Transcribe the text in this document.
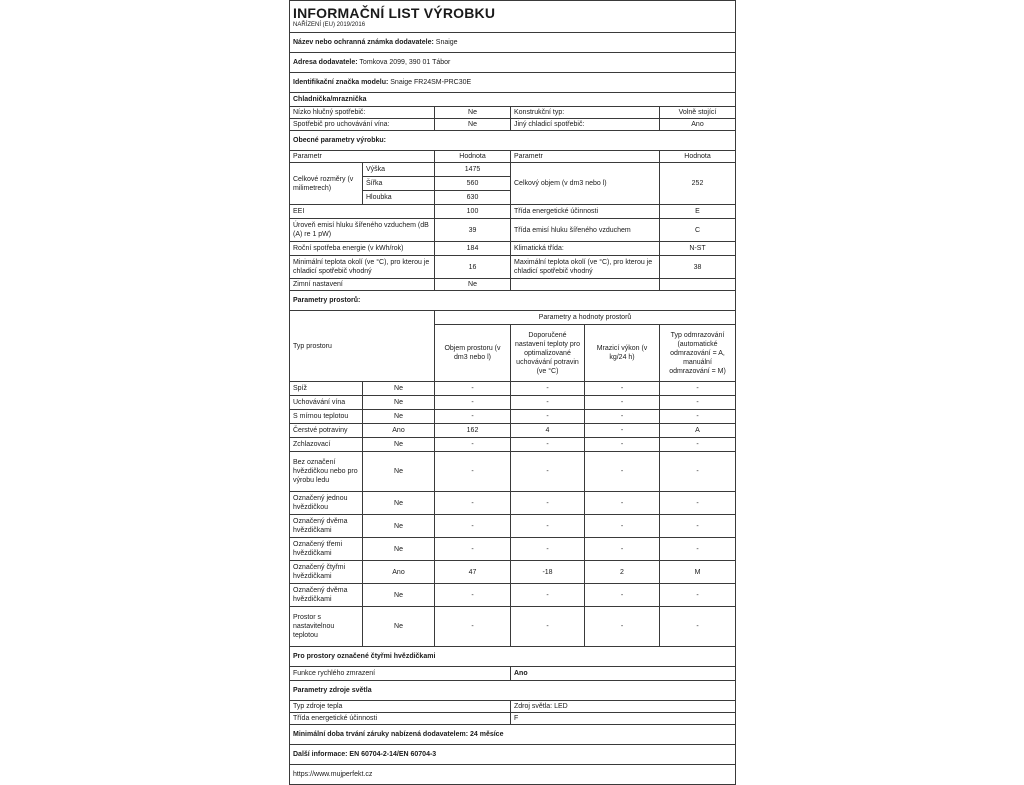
INFORMAČNÍ LIST VÝROBKU
NAŘÍZENÍ (EU) 2019/2016					

Název nebo ochranná známka dodavatele: Snaige					
Adresa dodavatele: Tomkova 2099, 390 01 Tábor					
Identifikační značka modelu: Snaige FR24SM-PRC30E					
Chladnička/mraznička					
Nízko hlučný spotřebič:		Ne	Konstrukční typ:		Volně stojící
Spotřebič pro uchovávání vína:		Ne	Jiný chladicí spotřebič:		Ano
Obecné parametry výrobku:					
Parametr		Hodnota	Parametr		Hodnota
Celkové rozměry (v milimetrech)	Výška	1475	Celkový objem (v dm3 nebo l)		252
	Šířka	560			
	Hloubka	630			
EEI		100	Třída energetické účinnosti		E
Úroveň emisí hluku šířeného vzduchem (dB (A) re 1 pW)		39	Třída emisí hluku šířeného vzduchem		C
Roční spotřeba energie (v kWh/rok)		184	Klimatická třída:		N-ST
Minimální teplota okolí (ve °C), pro kterou je chladicí spotřebič vhodný		16	Maximální teplota okolí (ve °C), pro kterou je chladicí spotřebič vhodný		38
Zimní nastavení		Ne			
Parametry prostorů:					
Typ prostoru		Parametry a hodnoty prostorů			
		Objem prostoru (v dm3 nebo l)	Doporučené nastavení teploty pro optimalizované uchovávání potravin (ve °C)	Mrazicí výkon (v kg/24 h)	Typ odmrazování (automatické odmrazování = A, manuální odmrazování = M)
Spíž	Ne	-	-	-	-
Uchovávání vína	Ne	-	-	-	-
S mírnou teplotou	Ne	-	-	-	-
Čerstvé potraviny	Ano	162	4	-	A
Zchlazovací	Ne	-	-	-	-
Bez označení hvězdičkou nebo pro výrobu ledu	Ne	-	-	-	-
Označený jednou hvězdičkou	Ne	-	-	-	-
Označený dvěma hvězdičkami	Ne	-	-	-	-
Označený třemi hvězdičkami	Ne	-	-	-	-
Označený čtyřmi hvězdičkami	Ano	47	-18	2	M
Označený dvěma hvězdičkami	Ne	-	-	-	-
Prostor s nastavitelnou teplotou	Ne	-	-	-	-
Pro prostory označené čtyřmi hvězdičkami					
Funkce rychlého zmrazení			Ano		
Parametry zdroje světla					
Typ zdroje tepla			Zdroj světla: LED		
Třída energetické účinnosti			F		
Minimální doba trvání záruky nabízená dodavatelem: 24 měsíce					
Další informace: EN 60704-2-14/EN 60704-3					
https://www.mujperfekt.cz					
